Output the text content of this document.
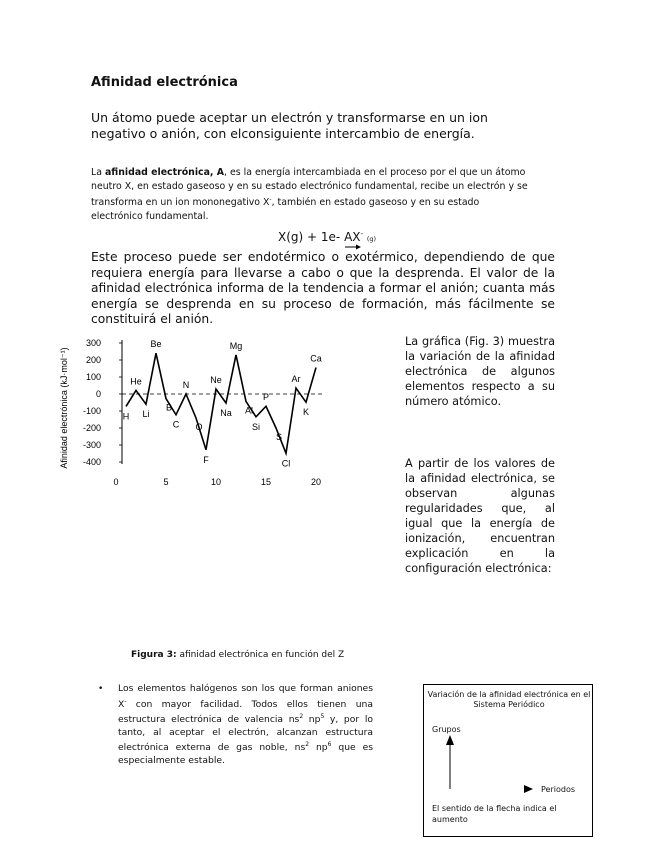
Afinidad electrónica
Un átomo puede aceptar un electrón y transformarse en un ion negativo o anión, con elconsiguiente intercambio de energía.
La afinidad electrónica, A, es la energía intercambiada en el proceso por el que un átomo neutro X, en estado gaseoso y en su estado electrónico fundamental, recibe un electrón y se transforma en un ion mononegativo X-, también en estado gaseoso y en su estado electrónico fundamental.
X(g) + 1e- AX- (g)
Este proceso puede ser endotérmico o exotérmico, dependiendo de que requiera energía para llevarse a cabo o que la desprenda. El valor de la afinidad electrónica informa de la tendencia a formar el anión; cuanta más energía se desprenda en su proceso de formación, más fácilmente se constituirá el anión.
Afinidad electrónica (kJ·mol⁻¹)
300
200
100
0
-100
-200
-300
-400
0	5	10	15	20
H
He
Li
Be
B
C
N
O
F
Ne
Na
Mg
Al
Si
P
S
Cl
Ar
K
Ca
La gráfica (Fig. 3) muestra la variación de la afinidad electrónica de algunos elementos respecto a su número atómico.
A partir de los valores de la afinidad electrónica, se observan algunas regularidades que, al igual que la energía de ionización, encuentran explicación en la configuración electrónica:
Figura 3: afinidad electrónica en función del Z
• Los elementos halógenos son los que forman aniones X- con mayor facilidad. Todos ellos tienen una estructura electrónica de valencia $ns^2$ $np^5$ y, por lo tanto, al aceptar el electrón, alcanzan estructura electrónica externa de gas noble, $ns^2$ $np^6$ que es especialmente estable.
Variación de la afinidad electrónica en el Sistema Periódico
Grupos
Periodos
El sentido de la flecha indica el aumento
